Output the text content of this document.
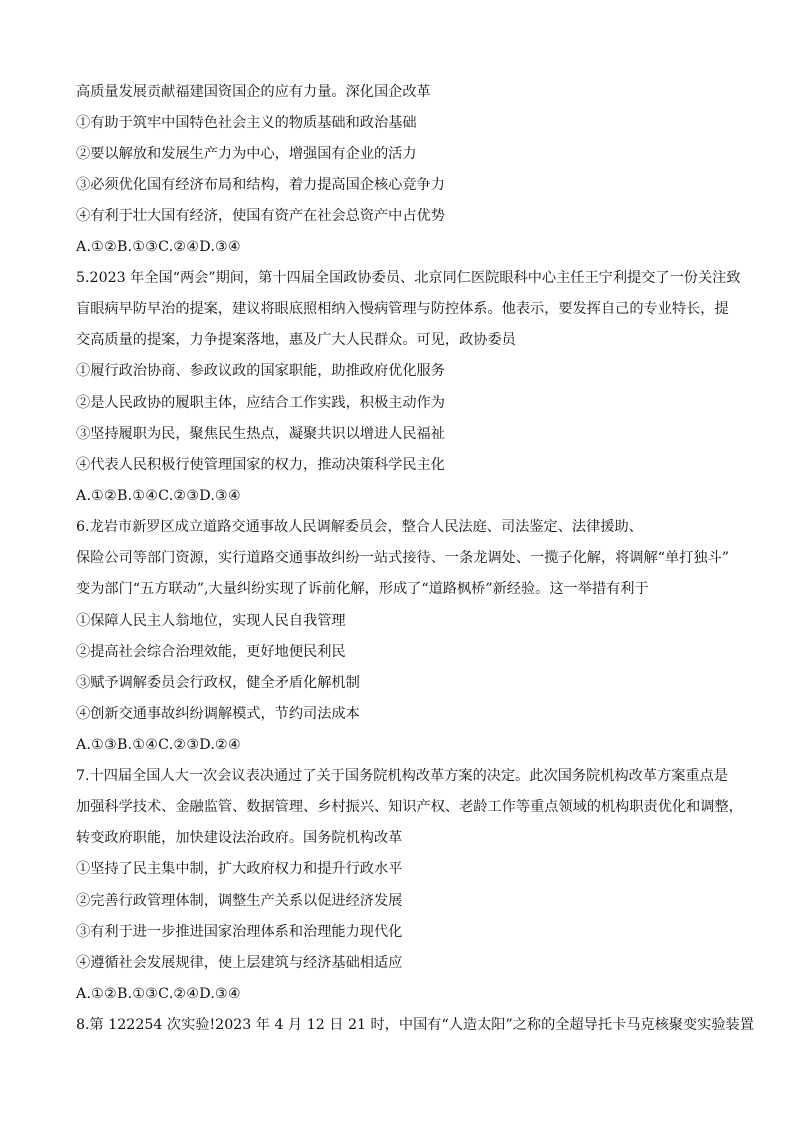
高质量发展贡献福建国资国企的应有力量。深化国企改革
①有助于筑牢中国特色社会主义的物质基础和政治基础
②要以解放和发展生产力为中心，增强国有企业的活力
③必须优化国有经济布局和结构，着力提高国企核心竞争力
④有利于壮大国有经济，使国有资产在社会总资产中占优势
A.①②B.①③C.②④D.③④
5.2023 年全国“两会”期间，第十四届全国政协委员、北京同仁医院眼科中心主任王宁利提交了一份关注致
盲眼病早防早治的提案，建议将眼底照相纳入慢病管理与防控体系。他表示，要发挥自己的专业特长，提
交高质量的提案，力争提案落地，惠及广大人民群众。可见，政协委员
①履行政治协商、参政议政的国家职能，助推政府优化服务
②是人民政协的履职主体，应结合工作实践，积极主动作为
③坚持履职为民，聚焦民生热点，凝聚共识以增进人民福祉
④代表人民积极行使管理国家的权力，推动决策科学民主化
A.①②B.①④C.②③D.③④
6.龙岩市新罗区成立道路交通事故人民调解委员会，整合人民法庭、司法鉴定、法律援助、
保险公司等部门资源，实行道路交通事故纠纷一站式接待、一条龙调处、一揽子化解，将调解“单打独斗”
变为部门“五方联动”,大量纠纷实现了诉前化解，形成了“道路枫桥”新经验。这一举措有利于
①保障人民主人翁地位，实现人民自我管理
②提高社会综合治理效能，更好地便民利民
③赋予调解委员会行政权，健全矛盾化解机制
④创新交通事故纠纷调解模式，节约司法成本
A.①③B.①④C.②③D.②④
7.十四届全国人大一次会议表决通过了关于国务院机构改革方案的决定。此次国务院机构改革方案重点是
加强科学技术、金融监管、数据管理、乡村振兴、知识产权、老龄工作等重点领域的机构职责优化和调整，
转变政府职能，加快建设法治政府。国务院机构改革
①坚持了民主集中制，扩大政府权力和提升行政水平
②完善行政管理体制，调整生产关系以促进经济发展
③有利于进一步推进国家治理体系和治理能力现代化
④遵循社会发展规律，使上层建筑与经济基础相适应
A.①②B.①③C.②④D.③④
8.第 122254 次实验!2023 年 4 月 12 日 21 时，中国有“人造太阳”之称的全超导托卡马克核聚变实验装置
